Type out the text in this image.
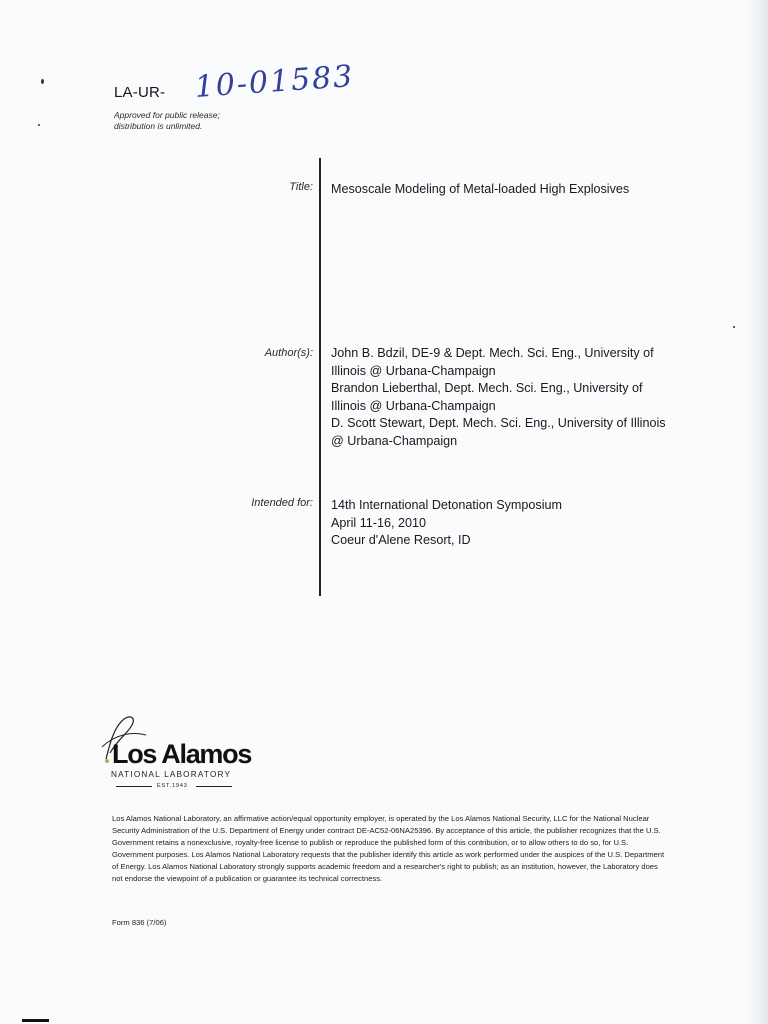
LA-UR- 10-01583
Approved for public release;
distribution is unlimited.
Title: Mesoscale Modeling of Metal-loaded High Explosives
Author(s): John B. Bdzil, DE-9 & Dept. Mech. Sci. Eng., University of
Illinois @ Urbana-Champaign
Brandon Lieberthal, Dept. Mech. Sci. Eng., University of
Illinois @ Urbana-Champaign
D. Scott Stewart, Dept. Mech. Sci. Eng., University of Illinois
@ Urbana-Champaign
Intended for: 14th International Detonation Symposium
April 11-16, 2010
Coeur d'Alene Resort, ID
Los Alamos
NATIONAL LABORATORY
EST.1943
Los Alamos National Laboratory, an affirmative action/equal opportunity employer, is operated by the Los Alamos National Security, LLC for the National Nuclear Security Administration of the U.S. Department of Energy under contract DE-AC52-06NA25396. By acceptance of this article, the publisher recognizes that the U.S. Government retains a nonexclusive, royalty-free license to publish or reproduce the published form of this contribution, or to allow others to do so, for U.S. Government purposes. Los Alamos National Laboratory requests that the publisher identify this article as work performed under the auspices of the U.S. Department of Energy. Los Alamos National Laboratory strongly supports academic freedom and a researcher's right to publish; as an institution, however, the Laboratory does not endorse the viewpoint of a publication or guarantee its technical correctness.
Form 836 (7/06)
